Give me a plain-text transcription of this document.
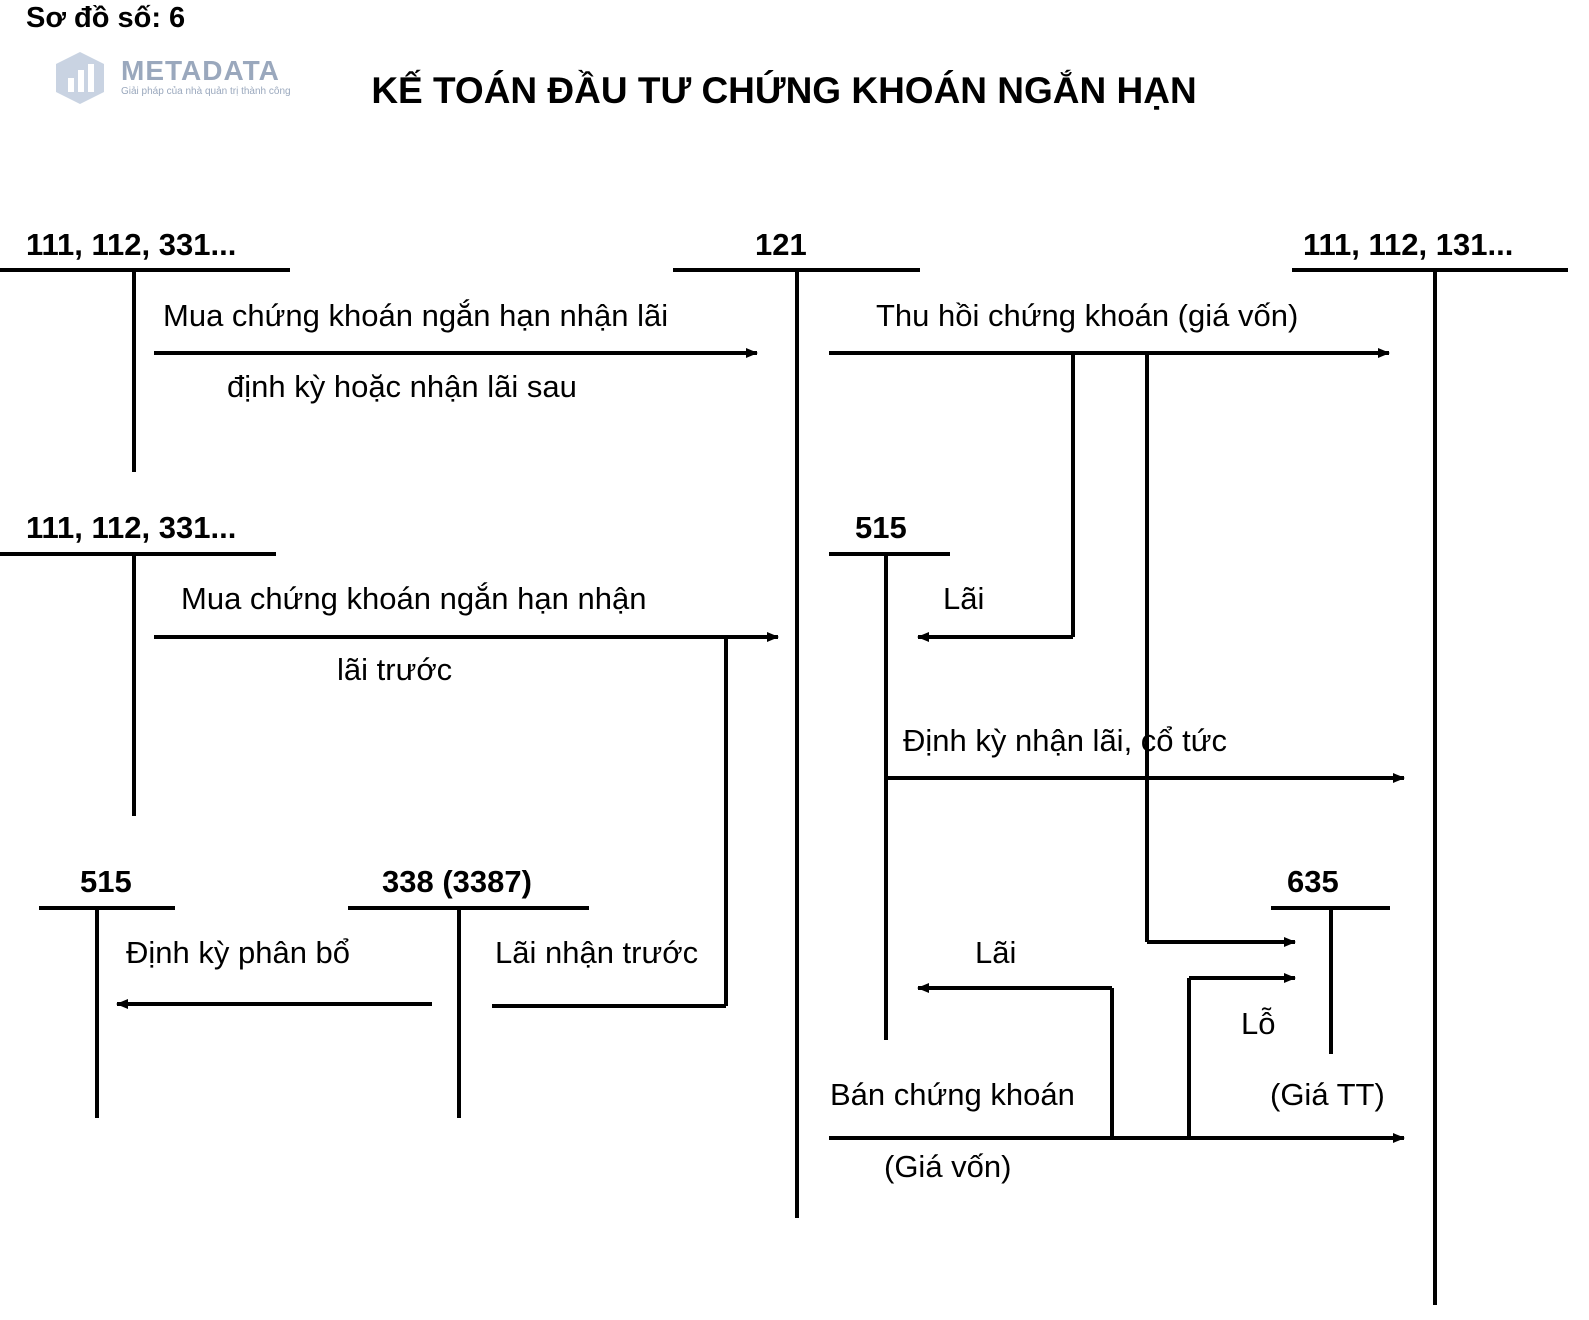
Sơ đồ số: 6
METADATA
Giải pháp của nhà quản trị thành công KẾ TOÁN ĐẦU TƯ CHỨNG KHOÁN NGẮN HẠN
111, 112, 331...	121	111, 112, 131...
Mua chứng khoán ngắn hạn nhận lãi
định kỳ hoặc nhận lãi sau
Thu hồi chứng khoán (giá vốn)
111, 112, 331...
Mua chứng khoán ngắn hạn nhận
lãi trước
515
Lãi
Định kỳ nhận lãi, cổ tức
515	338 (3387)	635
Định kỳ phân bổ	Lãi nhận trước	Lãi
Lỗ
Bán chứng khoán	(Giá TT)
(Giá vốn)
